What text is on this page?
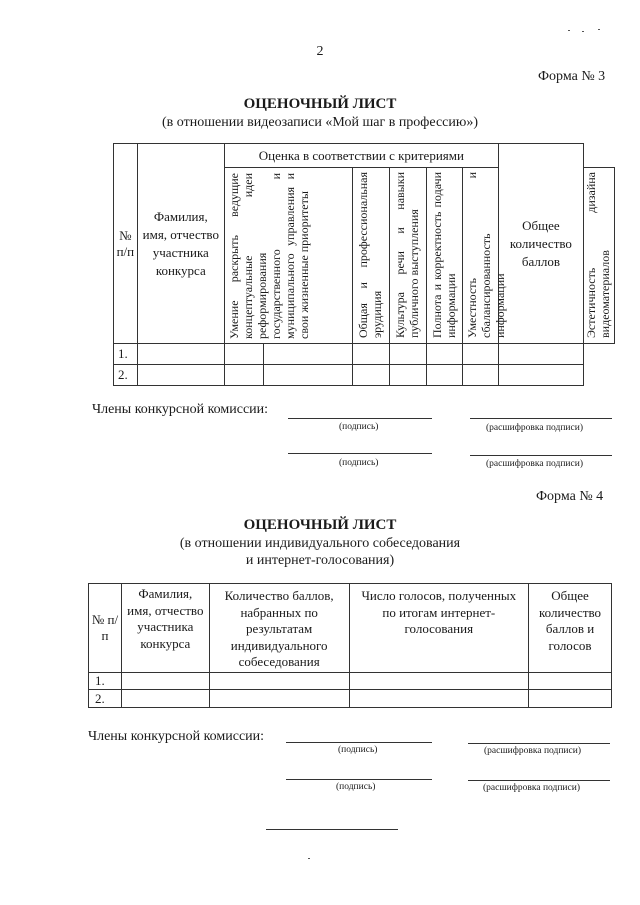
2
Форма № 3
ОЦЕНОЧНЫЙ ЛИСТ
(в отношении видеозаписи «Мой шаг в профессию»)
№ п/п	Фамилия, имя, отчество участника конкурса	Оценка в соответствии с критериями						Общее количество баллов	

		Умение раскрыть ведущие концептуальные идеи реформирования государственного и муниципального управления и свои жизненные приоритеты		Общая и профессиональная эрудиция	Культура речи и навыки публичного выступления	Полнота и корректность подачи информации	Уместность и сбалансированность информации		Эстетичность дизайна видеоматериалов

1.									
2.									
Члены конкурсной комиссии:
(подпись)	(расшифровка подписи)
(подпись)	(расшифровка подписи)
Форма № 4
ОЦЕНОЧНЫЙ ЛИСТ
(в отношении индивидуального собеседования
и интернет-голосования)
№ п/п	Фамилия, имя, отчество участника конкурса	Количество баллов, набранных по результатам индивидуального собеседования	Число голосов, полученных по итогам интернет-голосования	Общее количество баллов и голосов

1.				
2.				
Члены конкурсной комиссии:
(подпись)	(расшифровка подписи)
(подпись)	(расшифровка подписи)
